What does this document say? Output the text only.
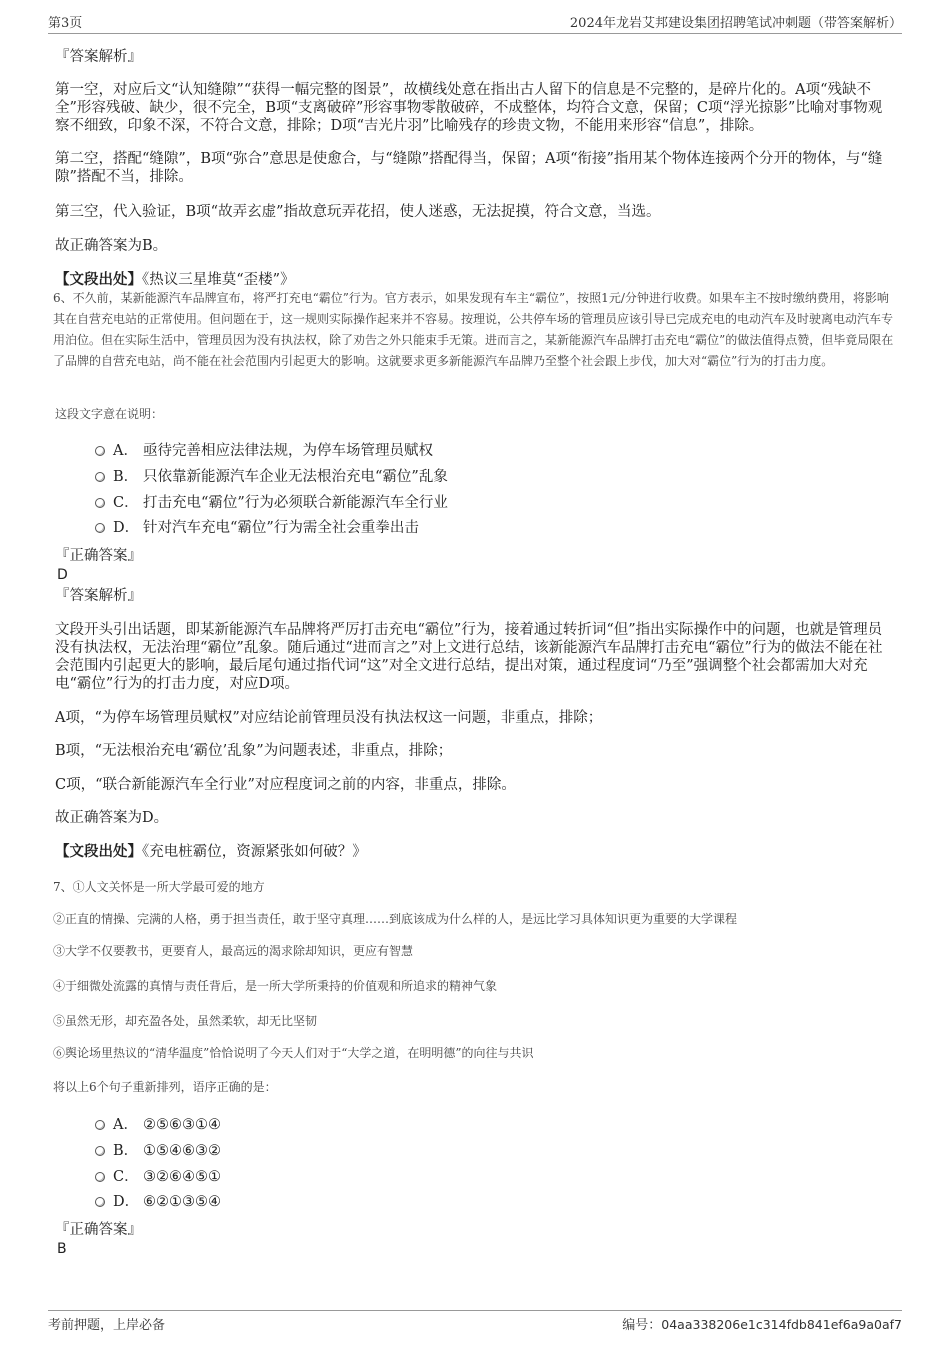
第3页	2024年龙岩艾邦建设集团招聘笔试冲刺题（带答案解析）
『答案解析』
第一空，对应后文“认知缝隙”“获得一幅完整的图景”，故横线处意在指出古人留下的信息是不完整的，是碎片化的。A项“残缺不全”形容残破、缺少，很不完全，B项“支离破碎”形容事物零散破碎，不成整体，均符合文意，保留；C项“浮光掠影”比喻对事物观察不细致，印象不深，不符合文意，排除；D项“吉光片羽”比喻残存的珍贵文物，不能用来形容“信息”，排除。
第二空，搭配“缝隙”，B项“弥合”意思是使愈合，与“缝隙”搭配得当，保留；A项“衔接”指用某个物体连接两个分开的物体，与“缝隙”搭配不当，排除。
第三空，代入验证，B项“故弄玄虚”指故意玩弄花招，使人迷惑，无法捉摸，符合文意，当选。
故正确答案为B。
【文段出处】《热议三星堆莫“歪楼”》
6、不久前，某新能源汽车品牌宣布，将严打充电“霸位”行为。官方表示，如果发现有车主“霸位”，按照1元/分钟进行收费。如果车主不按时缴纳费用，将影响其在自营充电站的正常使用。但问题在于，这一规则实际操作起来并不容易。按理说，公共停车场的管理员应该引导已完成充电的电动汽车及时驶离电动汽车专用泊位。但在实际生活中，管理员因为没有执法权，除了劝告之外只能束手无策。进而言之，某新能源汽车品牌打击充电“霸位”的做法值得点赞，但毕竟局限在了品牌的自营充电站，尚不能在社会范围内引起更大的影响。这就要求更多新能源汽车品牌乃至整个社会跟上步伐，加大对“霸位”行为的打击力度。
这段文字意在说明：
A． 亟待完善相应法律法规，为停车场管理员赋权
B． 只依靠新能源汽车企业无法根治充电“霸位”乱象
C． 打击充电“霸位”行为必须联合新能源汽车全行业
D． 针对汽车充电“霸位”行为需全社会重拳出击
『正确答案』
D
『答案解析』
文段开头引出话题，即某新能源汽车品牌将严厉打击充电“霸位”行为，接着通过转折词“但”指出实际操作中的问题，也就是管理员没有执法权，无法治理“霸位”乱象。随后通过“进而言之”对上文进行总结，该新能源汽车品牌打击充电“霸位”行为的做法不能在社会范围内引起更大的影响，最后尾句通过指代词“这”对全文进行总结，提出对策，通过程度词“乃至”强调整个社会都需加大对充电“霸位”行为的打击力度，对应D项。
A项，“为停车场管理员赋权”对应结论前管理员没有执法权这一问题，非重点，排除；
B项，“无法根治充电‘霸位’乱象”为问题表述，非重点，排除；
C项，“联合新能源汽车全行业”对应程度词之前的内容，非重点，排除。
故正确答案为D。
【文段出处】《充电桩霸位，资源紧张如何破？》
7、①人文关怀是一所大学最可爱的地方
②正直的情操、完满的人格，勇于担当责任，敢于坚守真理……到底该成为什么样的人，是远比学习具体知识更为重要的大学课程
③大学不仅要教书，更要育人，最高远的渴求除却知识，更应有智慧
④于细微处流露的真情与责任背后，是一所大学所秉持的价值观和所追求的精神气象
⑤虽然无形，却充盈各处，虽然柔软，却无比坚韧
⑥舆论场里热议的“清华温度”恰恰说明了今天人们对于“大学之道，在明明德”的向往与共识
将以上6个句子重新排列，语序正确的是：
A． ②⑤⑥③①④
B． ①⑤④⑥③②
C． ③②⑥④⑤①
D． ⑥②①③⑤④
『正确答案』
B
考前押题，上岸必备	编号：04aa338206e1c314fdb841ef6a9a0af7
